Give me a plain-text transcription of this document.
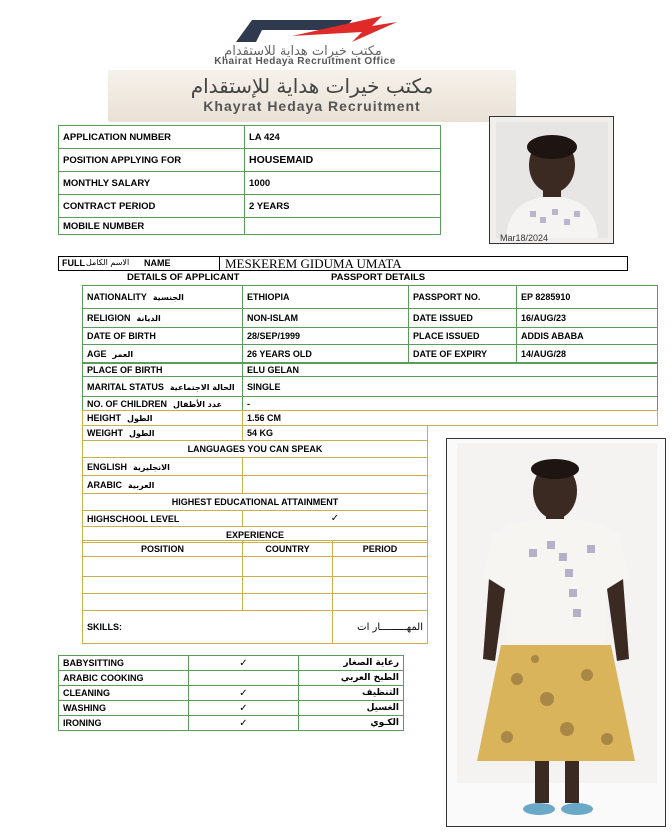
مكتب خيرات هداية للاستقدام
Khairat Hedaya Recruitment Office
مكتب خيرات هداية للإستقدام
Khayrat Hedaya Recruitment
APPLICATION NUMBER	LA 424
POSITION APPLYING FOR	HOUSEMAID
MONTHLY SALARY	1000
CONTRACT PERIOD	2 YEARS
MOBILE NUMBER	
Mar18/2024
FULL الاسم الكامل NAME	MESKEREM GIDUMA UMATA
DETAILS OF APPLICANT	PASSPORT DETAILS
NATIONALITY الجنسية	ETHIOPIA	PASSPORT NO.	EP 8285910
RELIGION الديانة	NON-ISLAM	DATE ISSUED	16/AUG/23
DATE OF BIRTH	28/SEP/1999	PLACE ISSUED	ADDIS ABABA
AGE العمر	26 YEARS OLD	DATE OF EXPIRY	14/AUG/28
PLACE OF BIRTH	ELU GELAN
MARITAL STATUS الحالة الاجتماعية	SINGLE
NO. OF CHILDREN عدد الأطفال	-
HEIGHT الطول	1.56 CM
WEIGHT الطول	54 KG
LANGUAGES YOU CAN SPEAK	
ENGLISH الانجليزية	
ARABIC العربية	
HIGHEST EDUCATIONAL ATTAINMENT	
HIGHSCHOOL LEVEL	✓
EXPERIENCE	
POSITION	COUNTRY	PERIOD

SKILLS:		المهـــــــــار ات
BABYSITTING	✓	رعاية الصغار
ARABIC COOKING		الطبخ العربي
CLEANING	✓	التنظيف
WASHING	✓	الغسيل
IRONING	✓	الكـوي
